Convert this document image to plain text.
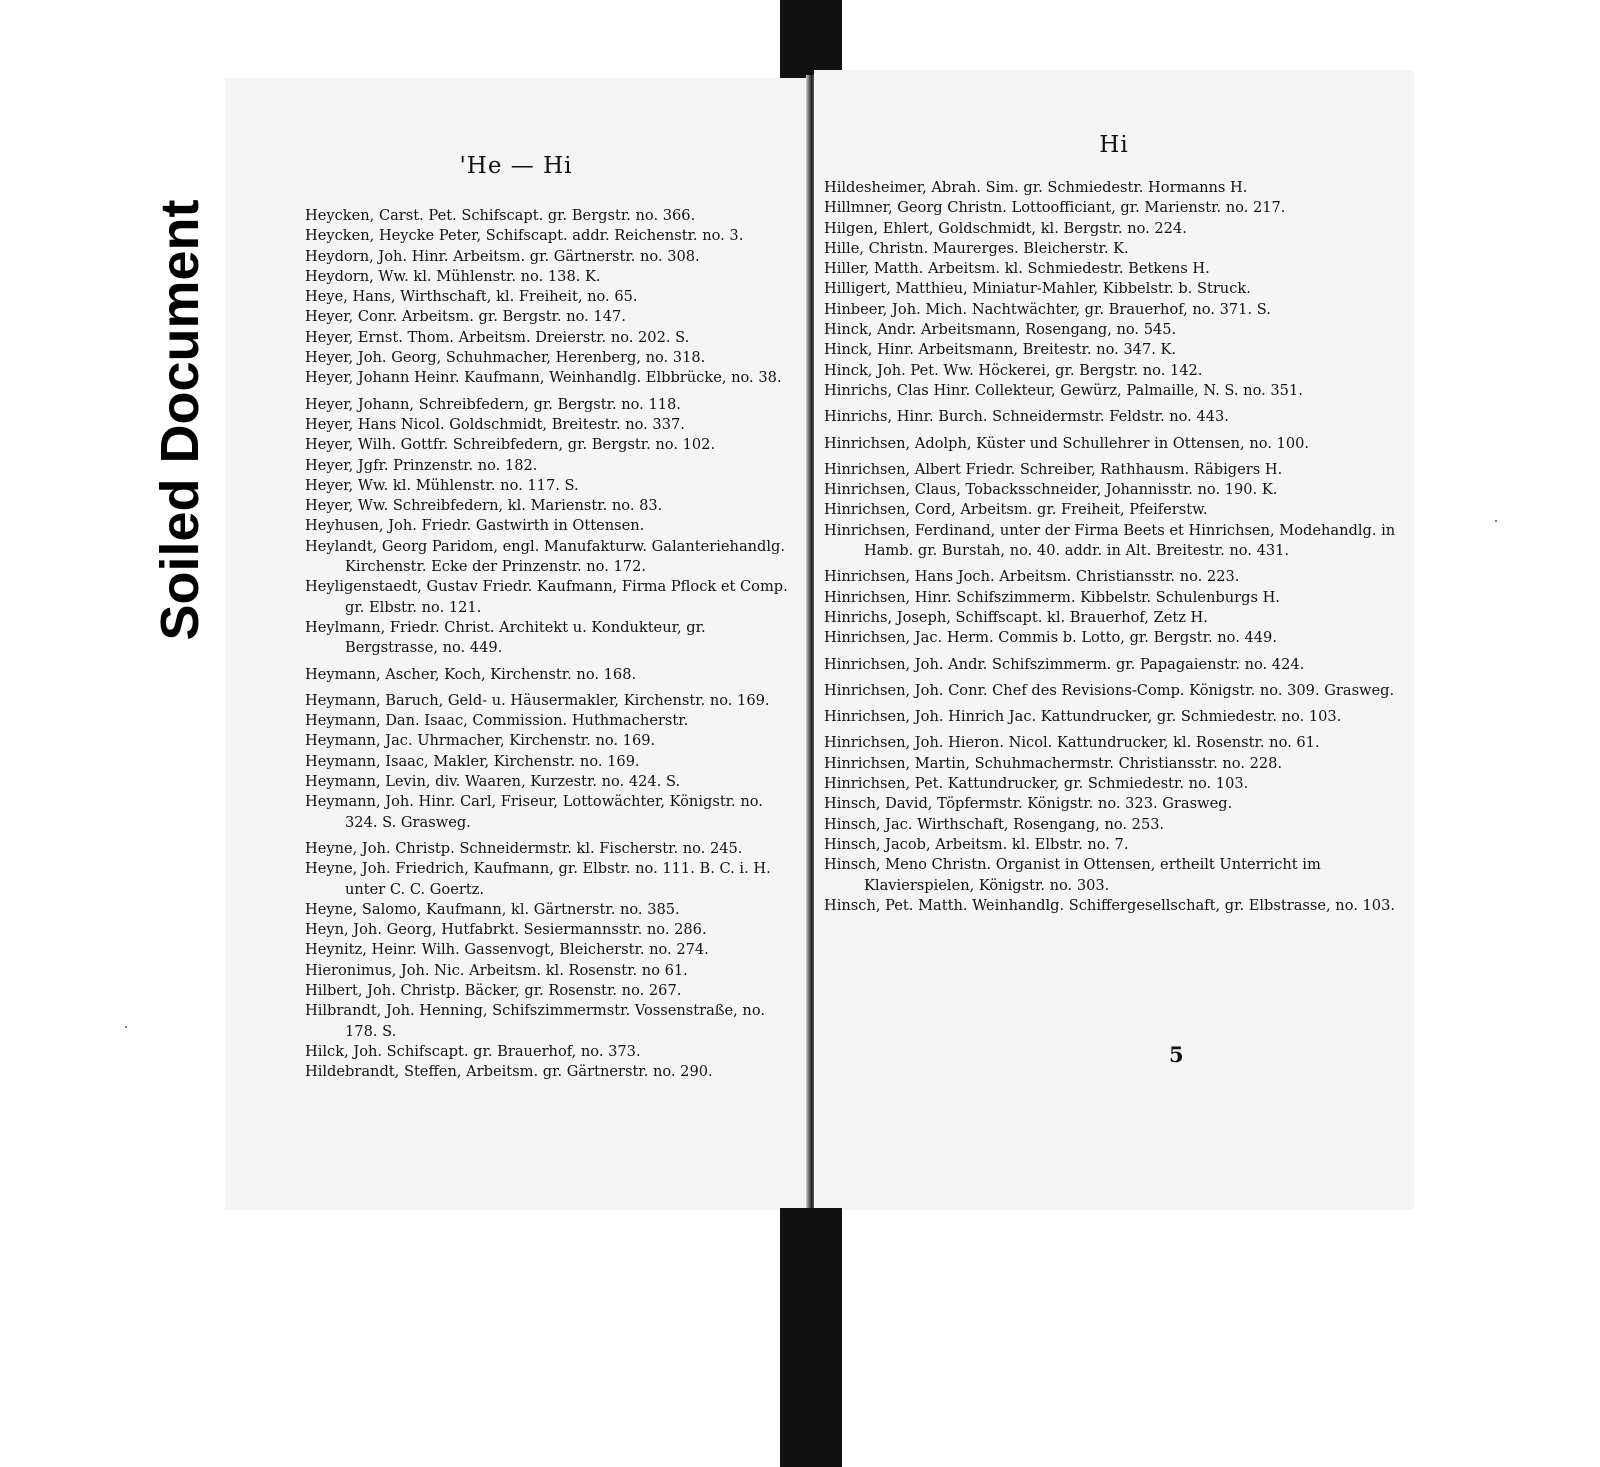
Soiled Document
'He — Hi
Heycken, Carst. Pet. Schifscapt. gr. Bergstr. no. 366.
Heycken, Heycke Peter, Schifscapt. addr. Reichenstr. no. 3.
Heydorn, Joh. Hinr. Arbeitsm. gr. Gärtnerstr. no. 308.
Heydorn, Ww. kl. Mühlenstr. no. 138. K.
Heye, Hans, Wirthschaft, kl. Freiheit, no. 65.
Heyer, Conr. Arbeitsm. gr. Bergstr. no. 147.
Heyer, Ernst. Thom. Arbeitsm. Dreierstr. no. 202. S.
Heyer, Joh. Georg, Schuhmacher, Herenberg, no. 318.
Heyer, Johann Heinr. Kaufmann, Weinhandlg. Elbbrücke, no. 38.
Heyer, Johann, Schreibfedern, gr. Bergstr. no. 118.
Heyer, Hans Nicol. Goldschmidt, Breitestr. no. 337.
Heyer, Wilh. Gottfr. Schreibfedern, gr. Bergstr. no. 102.
Heyer, Jgfr. Prinzenstr. no. 182.
Heyer, Ww. kl. Mühlenstr. no. 117. S.
Heyer, Ww. Schreibfedern, kl. Marienstr. no. 83.
Heyhusen, Joh. Friedr. Gastwirth in Ottensen.
Heylandt, Georg Paridom, engl. Manufakturw. Galanteriehandlg. Kirchenstr. Ecke der Prinzenstr. no. 172.
Heyligenstaedt, Gustav Friedr. Kaufmann, Firma Pflock et Comp. gr. Elbstr. no. 121.
Heylmann, Friedr. Christ. Architekt u. Kondukteur, gr. Bergstrasse, no. 449.
Heymann, Ascher, Koch, Kirchenstr. no. 168.
Heymann, Baruch, Geld- u. Häusermakler, Kirchenstr. no. 169.
Heymann, Dan. Isaac, Commission. Huthmacherstr.
Heymann, Jac. Uhrmacher, Kirchenstr. no. 169.
Heymann, Isaac, Makler, Kirchenstr. no. 169.
Heymann, Levin, div. Waaren, Kurzestr. no. 424. S.
Heymann, Joh. Hinr. Carl, Friseur, Lottowächter, Königstr. no. 324. S. Grasweg.
Heyne, Joh. Christp. Schneidermstr. kl. Fischerstr. no. 245.
Heyne, Joh. Friedrich, Kaufmann, gr. Elbstr. no. 111. B. C. i. H. unter C. C. Goertz.
Heyne, Salomo, Kaufmann, kl. Gärtnerstr. no. 385.
Heyn, Joh. Georg, Hutfabrkt. Sesiermannsstr. no. 286.
Heynitz, Heinr. Wilh. Gassenvogt, Bleicherstr. no. 274.
Hieronimus, Joh. Nic. Arbeitsm. kl. Rosenstr. no 61.
Hilbert, Joh. Christp. Bäcker, gr. Rosenstr. no. 267.
Hilbrandt, Joh. Henning, Schifszimmermstr. Vossenstraße, no. 178. S.
Hilck, Joh. Schifscapt. gr. Brauerhof, no. 373.
Hildebrandt, Steffen, Arbeitsm. gr. Gärtnerstr. no. 290.
Hi
Hildesheimer, Abrah. Sim. gr. Schmiedestr. Hormanns H.
Hillmner, Georg Christn. Lottoofficiant, gr. Marienstr. no. 217.
Hilgen, Ehlert, Goldschmidt, kl. Bergstr. no. 224.
Hille, Christn. Maurerges. Bleicherstr. K.
Hiller, Matth. Arbeitsm. kl. Schmiedestr. Betkens H.
Hilligert, Matthieu, Miniatur-Mahler, Kibbelstr. b. Struck.
Hinbeer, Joh. Mich. Nachtwächter, gr. Brauerhof, no. 371. S.
Hinck, Andr. Arbeitsmann, Rosengang, no. 545.
Hinck, Hinr. Arbeitsmann, Breitestr. no. 347. K.
Hinck, Joh. Pet. Ww. Höckerei, gr. Bergstr. no. 142.
Hinrichs, Clas Hinr. Collekteur, Gewürz, Palmaille, N. S. no. 351.
Hinrichs, Hinr. Burch. Schneidermstr. Feldstr. no. 443.
Hinrichsen, Adolph, Küster und Schullehrer in Ottensen, no. 100.
Hinrichsen, Albert Friedr. Schreiber, Rathhausm. Räbigers H.
Hinrichsen, Claus, Tobacksschneider, Johannisstr. no. 190. K.
Hinrichsen, Cord, Arbeitsm. gr. Freiheit, Pfeiferstw.
Hinrichsen, Ferdinand, unter der Firma Beets et Hinrichsen, Modehandlg. in Hamb. gr. Burstah, no. 40. addr. in Alt. Breitestr. no. 431.
Hinrichsen, Hans Joch. Arbeitsm. Christiansstr. no. 223.
Hinrichsen, Hinr. Schifszimmerm. Kibbelstr. Schulenburgs H.
Hinrichs, Joseph, Schiffscapt. kl. Brauerhof, Zetz H.
Hinrichsen, Jac. Herm. Commis b. Lotto, gr. Bergstr. no. 449.
Hinrichsen, Joh. Andr. Schifszimmerm. gr. Papagaienstr. no. 424.
Hinrichsen, Joh. Conr. Chef des Revisions-Comp. Königstr. no. 309. Grasweg.
Hinrichsen, Joh. Hinrich Jac. Kattundrucker, gr. Schmiedestr. no. 103.
Hinrichsen, Joh. Hieron. Nicol. Kattundrucker, kl. Rosenstr. no. 61.
Hinrichsen, Martin, Schuhmachermstr. Christiansstr. no. 228.
Hinrichsen, Pet. Kattundrucker, gr. Schmiedestr. no. 103.
Hinsch, David, Töpfermstr. Königstr. no. 323. Grasweg.
Hinsch, Jac. Wirthschaft, Rosengang, no. 253.
Hinsch, Jacob, Arbeitsm. kl. Elbstr. no. 7.
Hinsch, Meno Christn. Organist in Ottensen, ertheilt Unterricht im Klavierspielen, Königstr. no. 303.
Hinsch, Pet. Matth. Weinhandlg. Schiffergesellschaft, gr. Elbstrasse, no. 103.
5
